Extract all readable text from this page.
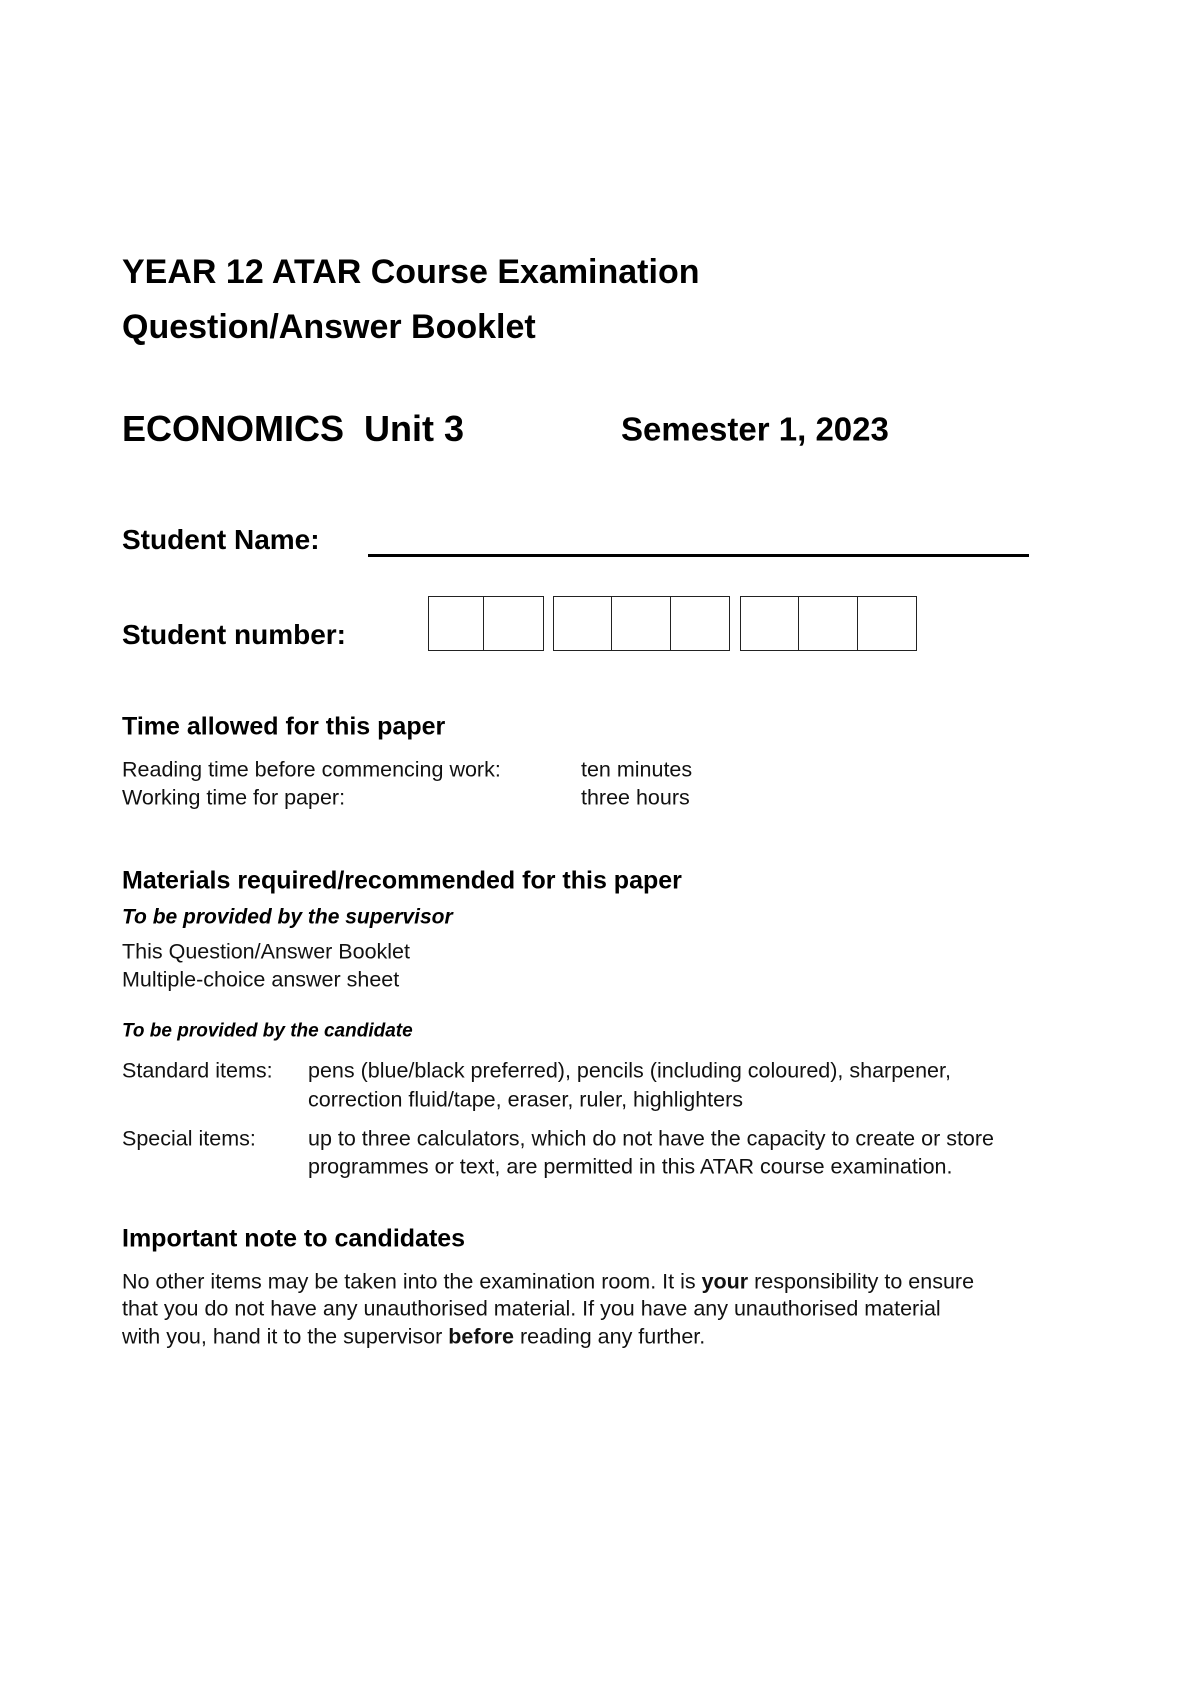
YEAR 12 ATAR Course Examination
Question/Answer Booklet
ECONOMICS  Unit 3	Semester 1, 2023
Student Name:
Student number:
Time allowed for this paper
Reading time before commencing work:	ten minutes
Working time for paper:	three hours
Materials required/recommended for this paper
To be provided by the supervisor
This Question/Answer Booklet
Multiple-choice answer sheet
To be provided by the candidate
Standard items: pens (blue/black preferred), pencils (including coloured), sharpener,
correction fluid/tape, eraser, ruler, highlighters
Special items: up to three calculators, which do not have the capacity to create or store
programmes or text, are permitted in this ATAR course examination.
Important note to candidates
No other items may be taken into the examination room. It is your responsibility to ensure
that you do not have any unauthorised material. If you have any unauthorised material
with you, hand it to the supervisor before reading any further.
